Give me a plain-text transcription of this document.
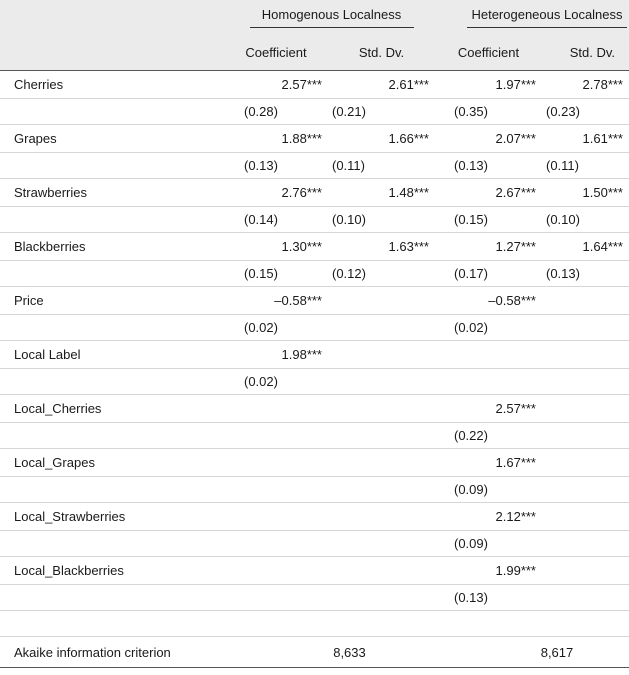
	Homogenous Localness		Heterogeneous Localness	
	Coefficient	Std. Dv.	Coefficient	Std. Dv.
Cherries	2.57***	2.61***	1.97***	2.78***
	(0.28)	(0.21)	(0.35)	(0.23)
Grapes	1.88***	1.66***	2.07***	1.61***
	(0.13)	(0.11)	(0.13)	(0.11)
Strawberries	2.76***	1.48***	2.67***	1.50***
	(0.14)	(0.10)	(0.15)	(0.10)
Blackberries	1.30***	1.63***	1.27***	1.64***
	(0.15)	(0.12)	(0.17)	(0.13)
Price	–0.58***		–0.58***	
	(0.02)		(0.02)	
Local Label	1.98***			
	(0.02)			
Local_Cherries			2.57***	
			(0.22)	
Local_Grapes			1.67***	
			(0.09)	
Local_Strawberries			2.12***	
			(0.09)	
Local_Blackberries			1.99***	
			(0.13)	

Akaike information criterion	8,633		8,617	
